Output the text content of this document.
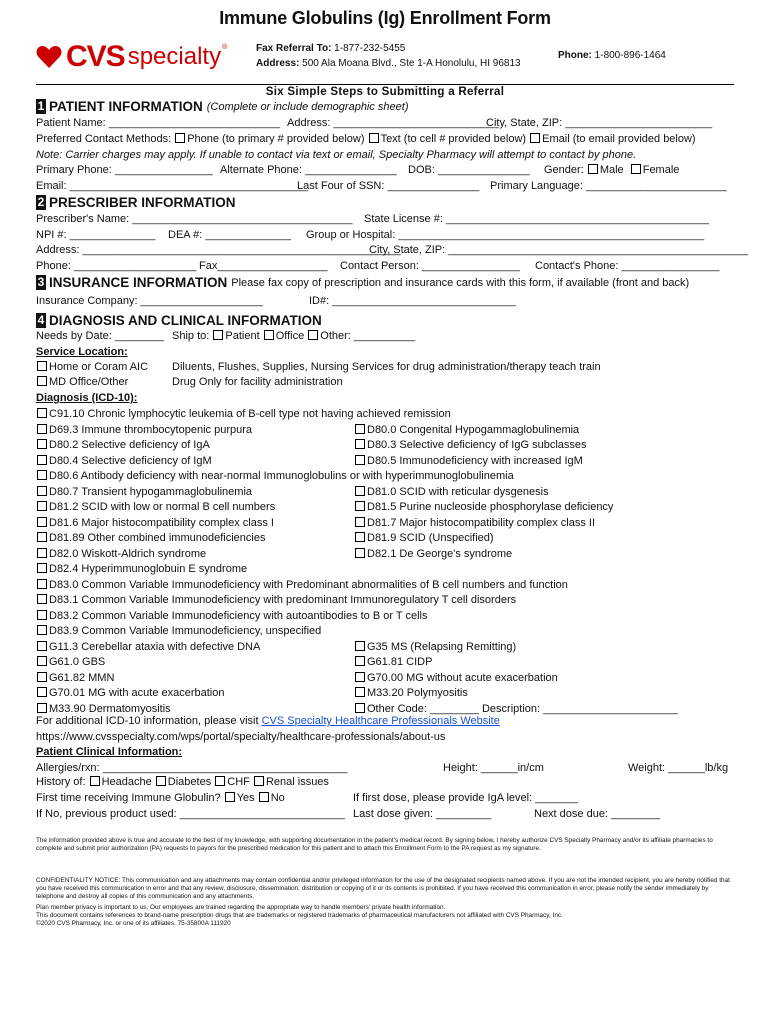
Immune Globulins (Ig) Enrollment Form
CVS specialty®	Fax Referral To: 1-877-232-5455
Address: 500 Ala Moana Blvd., Ste 1-A Honolulu, HI 96813
Phone: 1-800-896-1464
Six Simple Steps to Submitting a Referral
1 PATIENT INFORMATION (Complete or include demographic sheet)
Patient Name: ____________________________ Address: ___________________________
City, State, ZIP: ________________________
Preferred Contact Methods: Phone (to primary # provided below) Text (to cell # provided below) Email (to email provided below)
Note: Carrier charges may apply. If unable to contact via text or email, Specialty Pharmacy will attempt to contact by phone.
Primary Phone: ________________ Alternate Phone: _______________ DOB: _______________ Gender: Male Female
Email: _______________________________________
Last Four of SSN: _______________ Primary Language: _______________________
2 PRESCRIBER INFORMATION
Prescriber's Name: ____________________________________ State License #: ___________________________________________
NPI #: ______________ DEA #: ______________ Group or Hospital: __________________________________________________
Address: ____________________________________________________
City, State, ZIP: _________________________________________________
Phone: ____________________ Fax__________________ Contact Person: ________________ Contact's Phone: ________________
3 INSURANCE INFORMATION Please fax copy of prescription and insurance cards with this form, if available (front and back)
Insurance Company: ____________________	ID#: ______________________________
4 DIAGNOSIS AND CLINICAL INFORMATION
Needs by Date: ________ Ship to: Patient Office Other: __________
Service Location:
Home or Coram AIC Diluents, Flushes, Supplies, Nursing Services for drug administration/therapy teach train
MD Office/Other	Drug Only for facility administration
Diagnosis (ICD-10):
C91.10 Chronic lymphocytic leukemia of B-cell type not having achieved remission
D69.3 Immune thrombocytopenic purpura	D80.0 Congenital Hypogammaglobulinemia
D80.2 Selective deficiency of IgA	D80.3 Selective deficiency of IgG subclasses
D80.4 Selective deficiency of IgM	D80.5 Immunodeficiency with increased IgM
D80.6 Antibody deficiency with near-normal Immunoglobulins or with hyperimmunoglobulinemia
D80.7 Transient hypogammaglobulinemia	D81.0 SCID with reticular dysgenesis
D81.2 SCID with low or normal B cell numbers	D81.5 Purine nucleoside phosphorylase deficiency
D81.6 Major histocompatibility complex class I	D81.7 Major histocompatibility complex class II
D81.89 Other combined immunodeficiencies	D81.9 SCID (Unspecified)
D82.0 Wiskott-Aldrich syndrome	D82.1 De George's syndrome
D82.4 Hyperimmunoglobuin E syndrome
D83.0 Common Variable Immunodeficiency with Predominant abnormalities of B cell numbers and function
D83.1 Common Variable Immunodeficiency with predominant Immunoregulatory T cell disorders
D83.2 Common Variable Immunodeficiency with autoantibodies to B or T cells
D83.9 Common Variable Immunodeficiency, unspecified
G11.3 Cerebellar ataxia with defective DNA	G35 MS (Relapsing Remitting)
G61.0 GBS	G61.81 CIDP
G61.82 MMN	G70.00 MG without acute exacerbation
G70.01 MG with acute exacerbation	M33.20 Polymyositis
M33.90 Dermatomyositis	Other Code: ________ Description: ______________________
For additional ICD-10 information, please visit CVS Specialty Healthcare Professionals Website
https://www.cvsspecialty.com/wps/portal/specialty/healthcare-professionals/about-us
Patient Clinical Information:
Allergies/rxn: ________________________________________	Height: ______in/cm	Weight: ______lb/kg
History of: Headache Diabetes CHF Renal issues
First time receiving Immune Globulin? Yes No	If first dose, please provide IgA level: _______
If No, previous product used: ___________________________ Last dose given: _________	Next dose due: ________
The information provided above is true and accurate to the best of my knowledge, with supporting documentation in the patient's medical record. By signing below, I hereby authorize CVS Specialty Pharmacy and/or its affiliate pharmacies to complete and submit prior authorization (PA) requests to payors for the prescribed medication for this patient and to attach this Enrollment Form to the PA request as my signature.
CONFIDENTIALITY NOTICE: This communication and any attachments may contain confidential and/or privileged information for the use of the designated recipients named above. If you are not the intended recipient, you are hereby notified that you have received this communication in error and that any review, disclosure, dissemination, distribution or copying of it or its contents is prohibited. If you have received this communication in error, please notify the sender immediately by telephone and destroy all copies of this communication and any attachments.
Plan member privacy is important to us. Our employees are trained regarding the appropriate way to handle members' private health information.
This document contains references to brand-name prescription drugs that are trademarks or registered trademarks of pharmaceutical manufacturers not affiliated with CVS Pharmacy, Inc.
©2020 CVS Pharmacy, Inc. or one of its affiliates. 75-35800A 111920
